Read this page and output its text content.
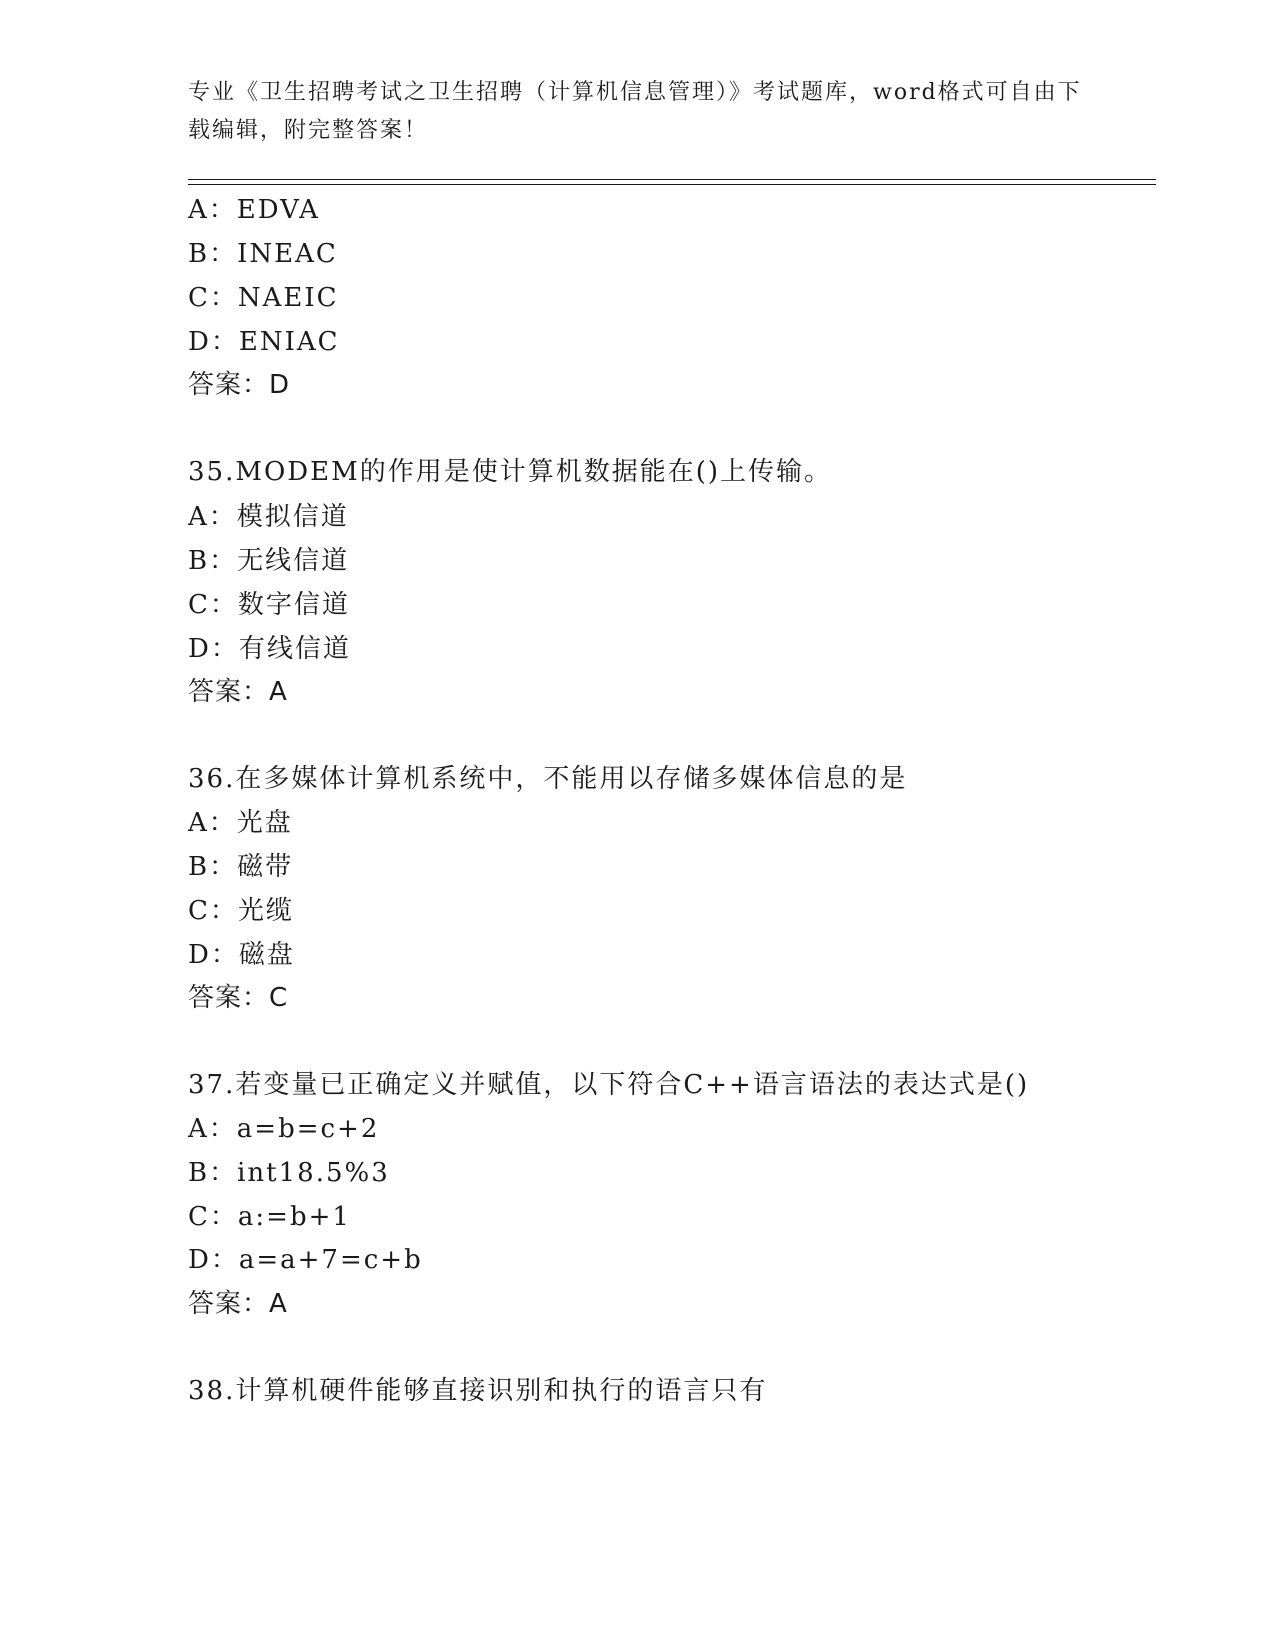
专业《卫生招聘考试之卫生招聘（计算机信息管理）》考试题库，word格式可自由下载编辑，附完整答案！
A：EDVA
B：INEAC
C：NAEIC
D：ENIAC
答案：D
35.MODEM的作用是使计算机数据能在()上传输。
A：模拟信道
B：无线信道
C：数字信道
D：有线信道
答案：A
36.在多媒体计算机系统中，不能用以存储多媒体信息的是
A：光盘
B：磁带
C：光缆
D：磁盘
答案：C
37.若变量已正确定义并赋值，以下符合C++语言语法的表达式是()
A：a=b=c+2
B：int18.5%3
C：a:=b+1
D：a=a+7=c+b
答案：A
38.计算机硬件能够直接识别和执行的语言只有
